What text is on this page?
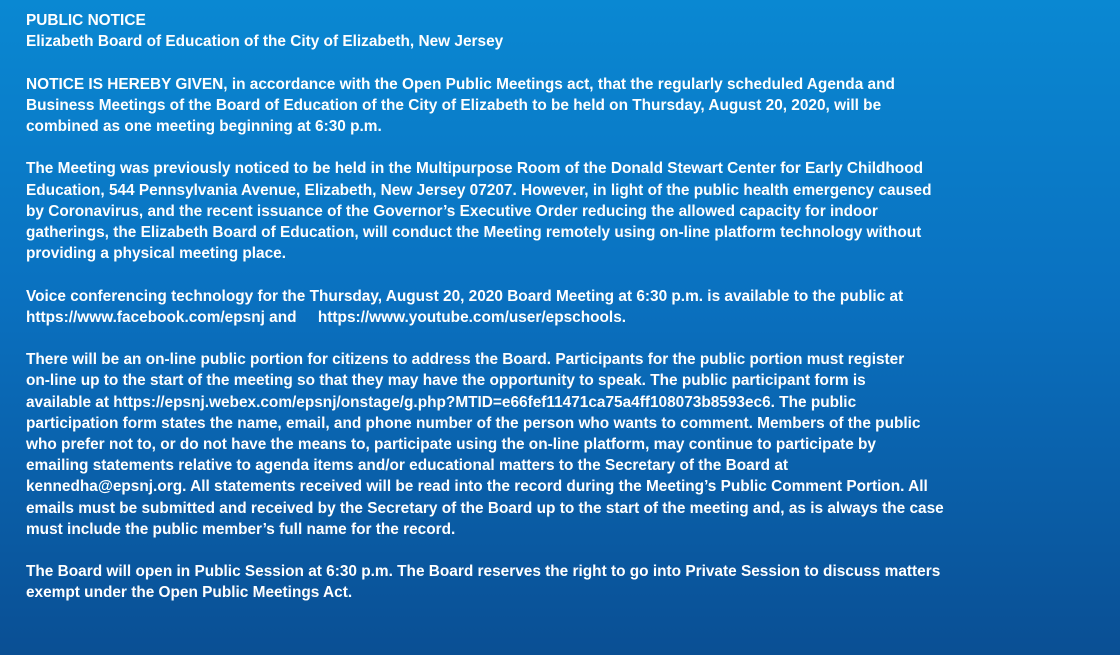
PUBLIC NOTICE
Elizabeth Board of Education of the City of Elizabeth, New Jersey
NOTICE IS HEREBY GIVEN, in accordance with the Open Public Meetings act, that the regularly scheduled Agenda and
Business Meetings of the Board of Education of the City of Elizabeth to be held on Thursday, August 20, 2020, will be
combined as one meeting beginning at 6:30 p.m.
The Meeting was previously noticed to be held in the Multipurpose Room of the Donald Stewart Center for Early Childhood
Education, 544 Pennsylvania Avenue, Elizabeth, New Jersey 07207. However, in light of the public health emergency caused
by Coronavirus, and the recent issuance of the Governor’s Executive Order reducing the allowed capacity for indoor
gatherings, the Elizabeth Board of Education, will conduct the Meeting remotely using on-line platform technology without
providing a physical meeting place.
Voice conferencing technology for the Thursday, August 20, 2020 Board Meeting at 6:30 p.m. is available to the public at
https://www.facebook.com/epsnj and     https://www.youtube.com/user/epschools.
There will be an on-line public portion for citizens to address the Board. Participants for the public portion must register
on-line up to the start of the meeting so that they may have the opportunity to speak. The public participant form is
available at https://epsnj.webex.com/epsnj/onstage/g.php?MTID=e66fef11471ca75a4ff108073b8593ec6. The public
participation form states the name, email, and phone number of the person who wants to comment. Members of the public
who prefer not to, or do not have the means to, participate using the on-line platform, may continue to participate by
emailing statements relative to agenda items and/or educational matters to the Secretary of the Board at
kennedha@epsnj.org. All statements received will be read into the record during the Meeting’s Public Comment Portion. All
emails must be submitted and received by the Secretary of the Board up to the start of the meeting and, as is always the case
must include the public member’s full name for the record.
The Board will open in Public Session at 6:30 p.m. The Board reserves the right to go into Private Session to discuss matters
exempt under the Open Public Meetings Act.
